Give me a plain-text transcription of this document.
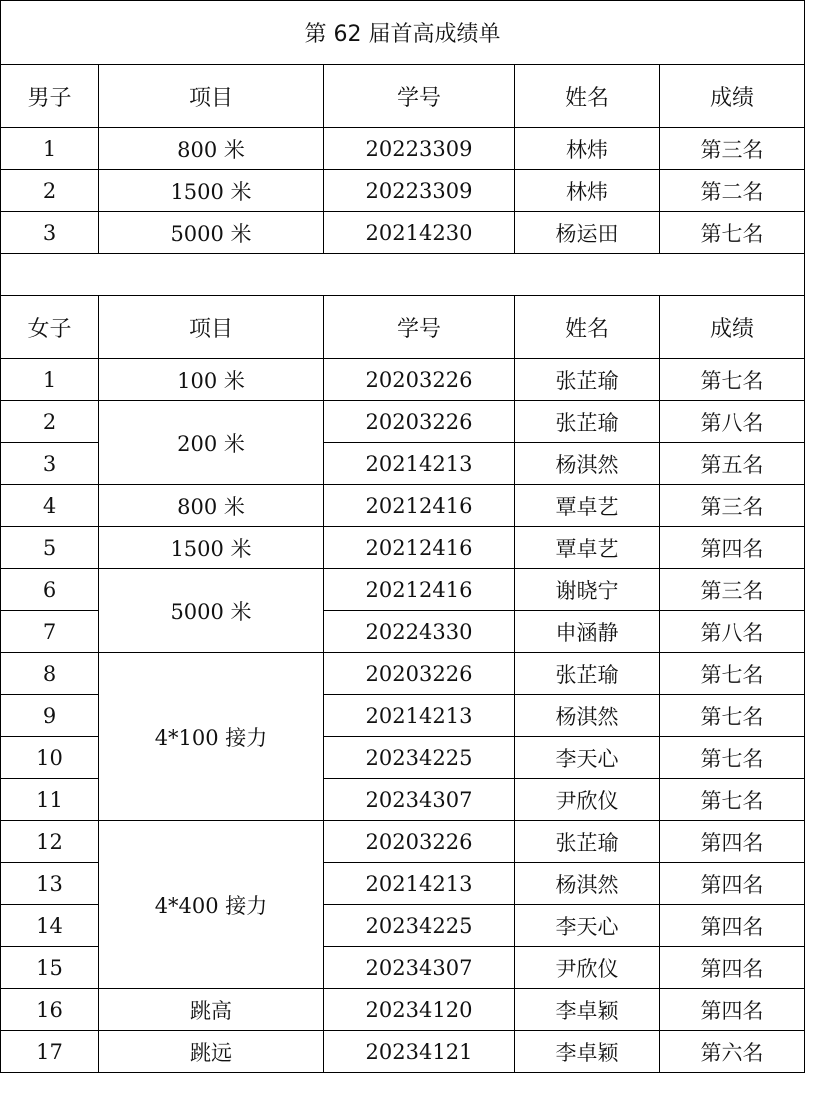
第 62 届首高成绩单				
男子	项目	学号	姓名	成绩
1	800 米	20223309	林炜	第三名
2	1500 米	20223309	林炜	第二名
3	5000 米	20214230	杨运田	第七名

女子	项目	学号	姓名	成绩
1	100 米	20203226	张芷瑜	第七名
2	200 米	20203226	张芷瑜	第八名
3		20214213	杨淇然	第五名
4	800 米	20212416	覃卓艺	第三名
5	1500 米	20212416	覃卓艺	第四名
6	5000 米	20212416	谢晓宁	第三名
7		20224330	申涵静	第八名
8	4*100 接力	20203226	张芷瑜	第七名
9		20214213	杨淇然	第七名
10		20234225	李天心	第七名
11		20234307	尹欣仪	第七名
12	4*400 接力	20203226	张芷瑜	第四名
13		20214213	杨淇然	第四名
14		20234225	李天心	第四名
15		20234307	尹欣仪	第四名
16	跳高	20234120	李卓颖	第四名
17	跳远	20234121	李卓颖	第六名
